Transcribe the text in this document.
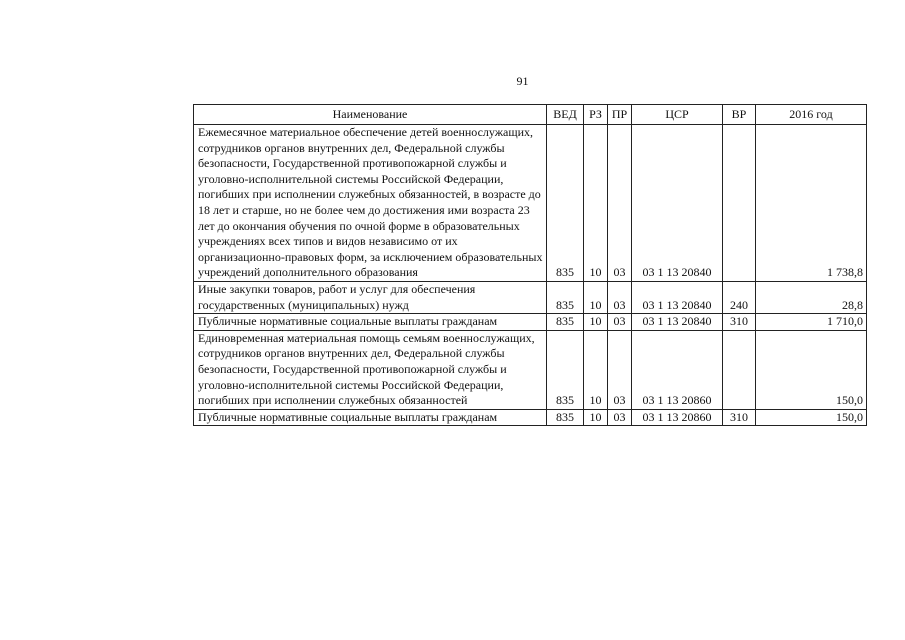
91
Наименование	ВЕД	РЗ	ПР	ЦСР	ВР	2016 год
Ежемесячное материальное обеспечение детей военнослужащих, сотрудников органов внутренних дел, Федеральной службы безопасности, Государственной противопожарной службы и уголовно-исполнительной системы Российской Федерации, погибших при исполнении служебных обязанностей, в возрасте до 18 лет и старше, но не более чем до достижения ими возраста 23 лет до окончания обучения по очной форме в образовательных учреждениях всех типов и видов независимо от их организационно-правовых форм, за исключением образовательных учреждений дополнительного образования	835	10	03	03 1 13 20840		1 738,8
Иные закупки товаров, работ и услуг для обеспечения государственных (муниципальных) нужд	835	10	03	03 1 13 20840	240	28,8
Публичные нормативные социальные выплаты гражданам	835	10	03	03 1 13 20840	310	1 710,0
Единовременная материальная помощь семьям военнослужащих, сотрудников органов внутренних дел, Федеральной службы безопасности, Государственной противопожарной службы и уголовно-исполнительной системы Российской Федерации, погибших при исполнении служебных обязанностей	835	10	03	03 1 13 20860		150,0
Публичные нормативные социальные выплаты гражданам	835	10	03	03 1 13 20860	310	150,0
